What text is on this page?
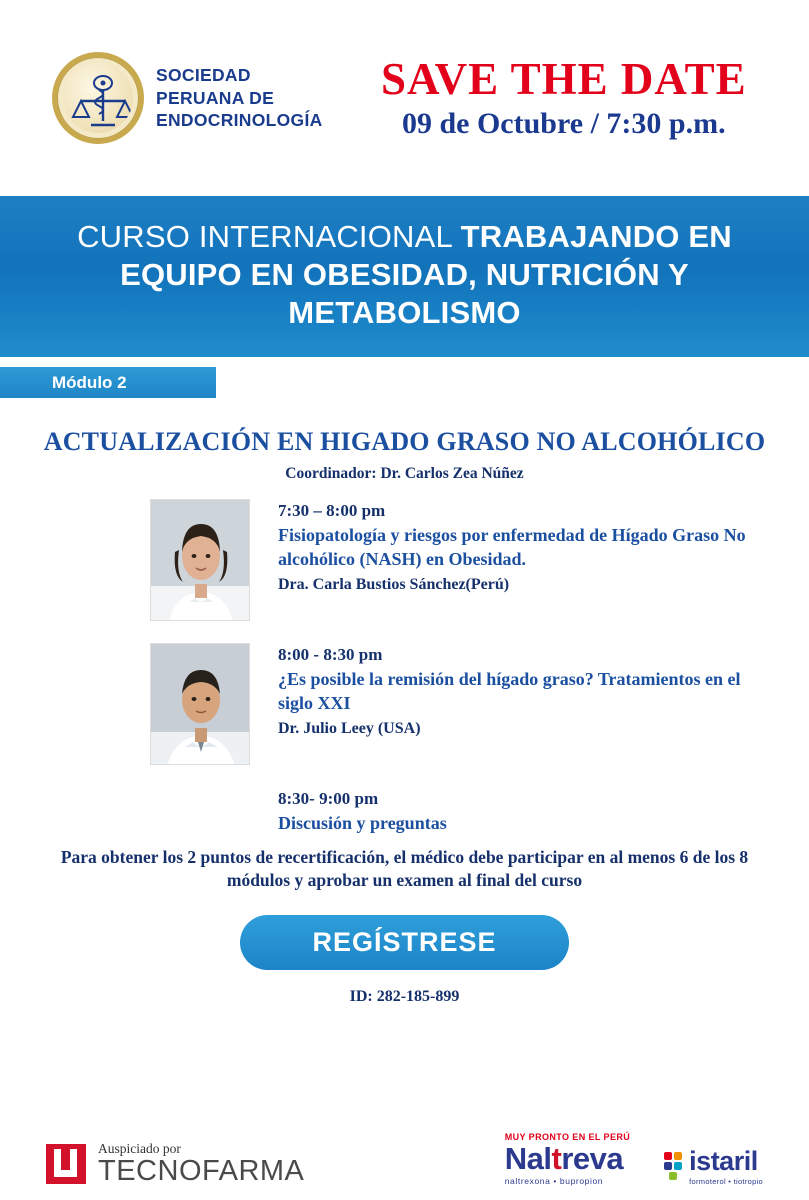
SOCIEDAD
PERUANA DE
ENDOCRINOLOGÍA
SAVE THE DATE
09 de Octubre / 7:30 p.m.
CURSO INTERNACIONAL TRABAJANDO EN EQUIPO EN OBESIDAD, NUTRICIÓN Y METABOLISMO
Módulo 2
ACTUALIZACIÓN EN HIGADO GRASO NO ALCOHÓLICO
Coordinador: Dr. Carlos Zea Núñez
7:30 – 8:00 pm
Fisiopatología y riesgos por enfermedad de Hígado Graso No alcohólico (NASH) en Obesidad.
Dra. Carla Bustios Sánchez(Perú)
8:00 - 8:30 pm
¿Es posible la remisión del hígado graso? Tratamientos en el siglo XXI
Dr. Julio Leey (USA)
8:30- 9:00 pm
Discusión y preguntas
Para obtener los 2 puntos de recertificación, el médico debe participar en al menos 6 de los 8 módulos y aprobar un examen al final del curso
REGÍSTRESE
ID: 282-185-899
Auspiciado por
TECNOFARMA
MUY PRONTO EN EL PERÚ
Naltreva
naltrexona • bupropion
istaril
formoterol • tiotropio
